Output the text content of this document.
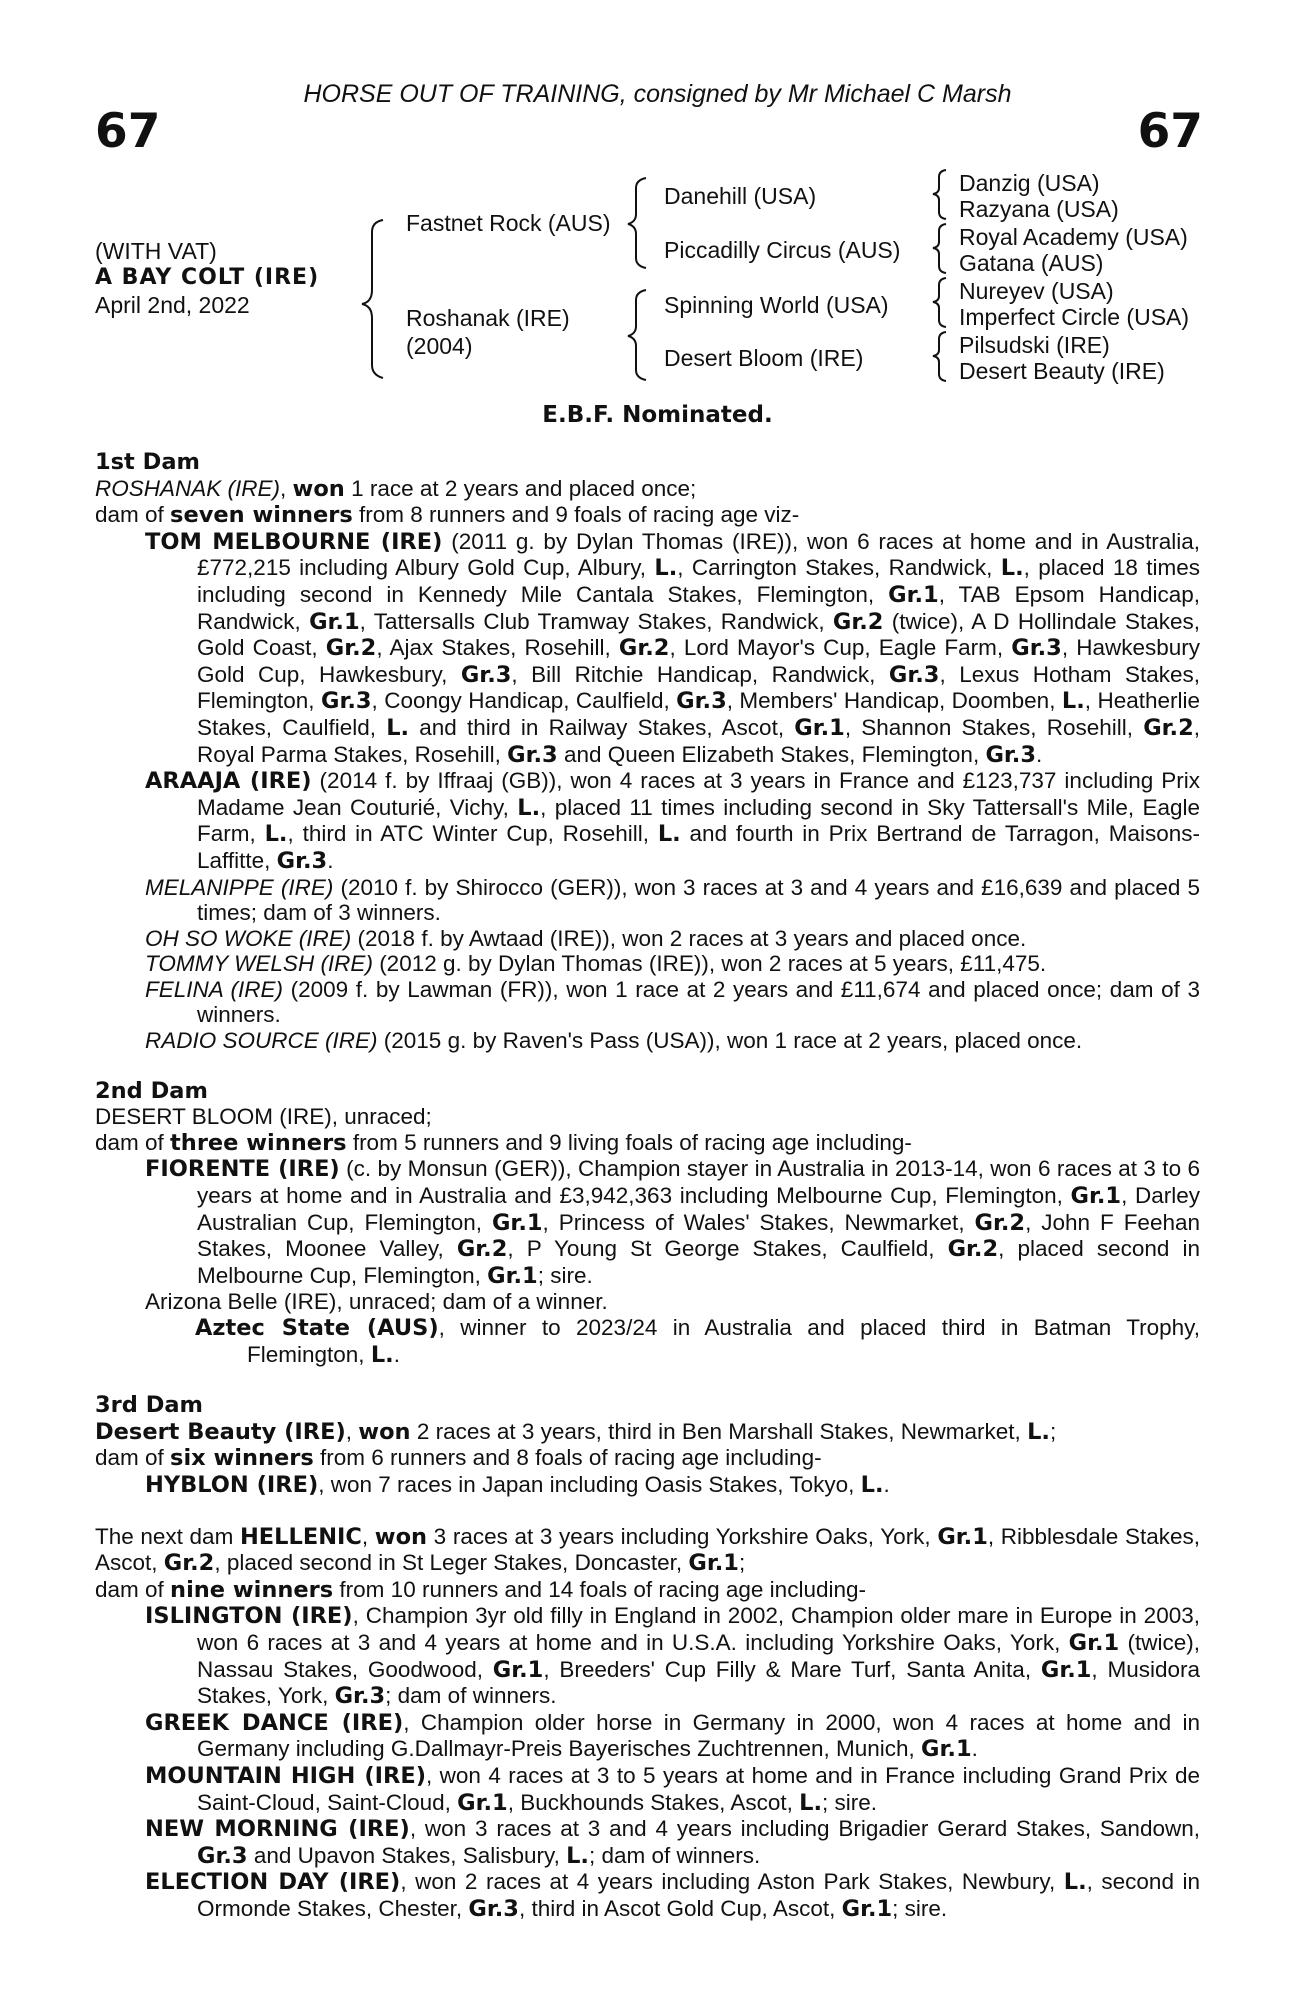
HORSE OUT OF TRAINING, consigned by Mr Michael C Marsh
67	67
(WITH VAT)
A BAY COLT (IRE)
April 2nd, 2022
Fastnet Rock (AUS)
Roshanak (IRE)
(2004)
Danehill (USA)
Piccadilly Circus (AUS)
Spinning World (USA)
Desert Bloom (IRE)
Danzig (USA)
Razyana (USA)
Royal Academy (USA)
Gatana (AUS)
Nureyev (USA)
Imperfect Circle (USA)
Pilsudski (IRE)
Desert Beauty (IRE)
E.B.F. Nominated.
1st Dam
ROSHANAK (IRE), won 1 race at 2 years and placed once;
dam of seven winners from 8 runners and 9 foals of racing age viz-
TOM MELBOURNE (IRE) (2011 g. by Dylan Thomas (IRE)), won 6 races at home and in Australia, £772,215 including Albury Gold Cup, Albury, L., Carrington Stakes, Randwick, L., placed 18 times including second in Kennedy Mile Cantala Stakes, Flemington, Gr.1, TAB Epsom Handicap, Randwick, Gr.1, Tattersalls Club Tramway Stakes, Randwick, Gr.2 (twice), A D Hollindale Stakes, Gold Coast, Gr.2, Ajax Stakes, Rosehill, Gr.2, Lord Mayor's Cup, Eagle Farm, Gr.3, Hawkesbury Gold Cup, Hawkesbury, Gr.3, Bill Ritchie Handicap, Randwick, Gr.3, Lexus Hotham Stakes, Flemington, Gr.3, Coongy Handicap, Caulfield, Gr.3, Members' Handicap, Doomben, L., Heatherlie Stakes, Caulfield, L. and third in Railway Stakes, Ascot, Gr.1, Shannon Stakes, Rosehill, Gr.2, Royal Parma Stakes, Rosehill, Gr.3 and Queen Elizabeth Stakes, Flemington, Gr.3.
ARAAJA (IRE) (2014 f. by Iffraaj (GB)), won 4 races at 3 years in France and £123,737 including Prix Madame Jean Couturié, Vichy, L., placed 11 times including second in Sky Tattersall's Mile, Eagle Farm, L., third in ATC Winter Cup, Rosehill, L. and fourth in Prix Bertrand de Tarragon, Maisons-Laffitte, Gr.3.
MELANIPPE (IRE) (2010 f. by Shirocco (GER)), won 3 races at 3 and 4 years and £16,639 and placed 5 times; dam of 3 winners.
OH SO WOKE (IRE) (2018 f. by Awtaad (IRE)), won 2 races at 3 years and placed once.
TOMMY WELSH (IRE) (2012 g. by Dylan Thomas (IRE)), won 2 races at 5 years, £11,475.
FELINA (IRE) (2009 f. by Lawman (FR)), won 1 race at 2 years and £11,674 and placed once; dam of 3 winners.
RADIO SOURCE (IRE) (2015 g. by Raven's Pass (USA)), won 1 race at 2 years, placed once.
2nd Dam
DESERT BLOOM (IRE), unraced;
dam of three winners from 5 runners and 9 living foals of racing age including-
FIORENTE (IRE) (c. by Monsun (GER)), Champion stayer in Australia in 2013-14, won 6 races at 3 to 6 years at home and in Australia and £3,942,363 including Melbourne Cup, Flemington, Gr.1, Darley Australian Cup, Flemington, Gr.1, Princess of Wales' Stakes, Newmarket, Gr.2, John F Feehan Stakes, Moonee Valley, Gr.2, P Young St George Stakes, Caulfield, Gr.2, placed second in Melbourne Cup, Flemington, Gr.1; sire.
Arizona Belle (IRE), unraced; dam of a winner.
Aztec State (AUS), winner to 2023/24 in Australia and placed third in Batman Trophy, Flemington, L..
3rd Dam
Desert Beauty (IRE), won 2 races at 3 years, third in Ben Marshall Stakes, Newmarket, L.;
dam of six winners from 6 runners and 8 foals of racing age including-
HYBLON (IRE), won 7 races in Japan including Oasis Stakes, Tokyo, L..
The next dam HELLENIC, won 3 races at 3 years including Yorkshire Oaks, York, Gr.1, Ribblesdale Stakes, Ascot, Gr.2, placed second in St Leger Stakes, Doncaster, Gr.1;
dam of nine winners from 10 runners and 14 foals of racing age including-
ISLINGTON (IRE), Champion 3yr old filly in England in 2002, Champion older mare in Europe in 2003, won 6 races at 3 and 4 years at home and in U.S.A. including Yorkshire Oaks, York, Gr.1 (twice), Nassau Stakes, Goodwood, Gr.1, Breeders' Cup Filly & Mare Turf, Santa Anita, Gr.1, Musidora Stakes, York, Gr.3; dam of winners.
GREEK DANCE (IRE), Champion older horse in Germany in 2000, won 4 races at home and in Germany including G.Dallmayr-Preis Bayerisches Zuchtrennen, Munich, Gr.1.
MOUNTAIN HIGH (IRE), won 4 races at 3 to 5 years at home and in France including Grand Prix de Saint-Cloud, Saint-Cloud, Gr.1, Buckhounds Stakes, Ascot, L.; sire.
NEW MORNING (IRE), won 3 races at 3 and 4 years including Brigadier Gerard Stakes, Sandown, Gr.3 and Upavon Stakes, Salisbury, L.; dam of winners.
ELECTION DAY (IRE), won 2 races at 4 years including Aston Park Stakes, Newbury, L., second in Ormonde Stakes, Chester, Gr.3, third in Ascot Gold Cup, Ascot, Gr.1; sire.
